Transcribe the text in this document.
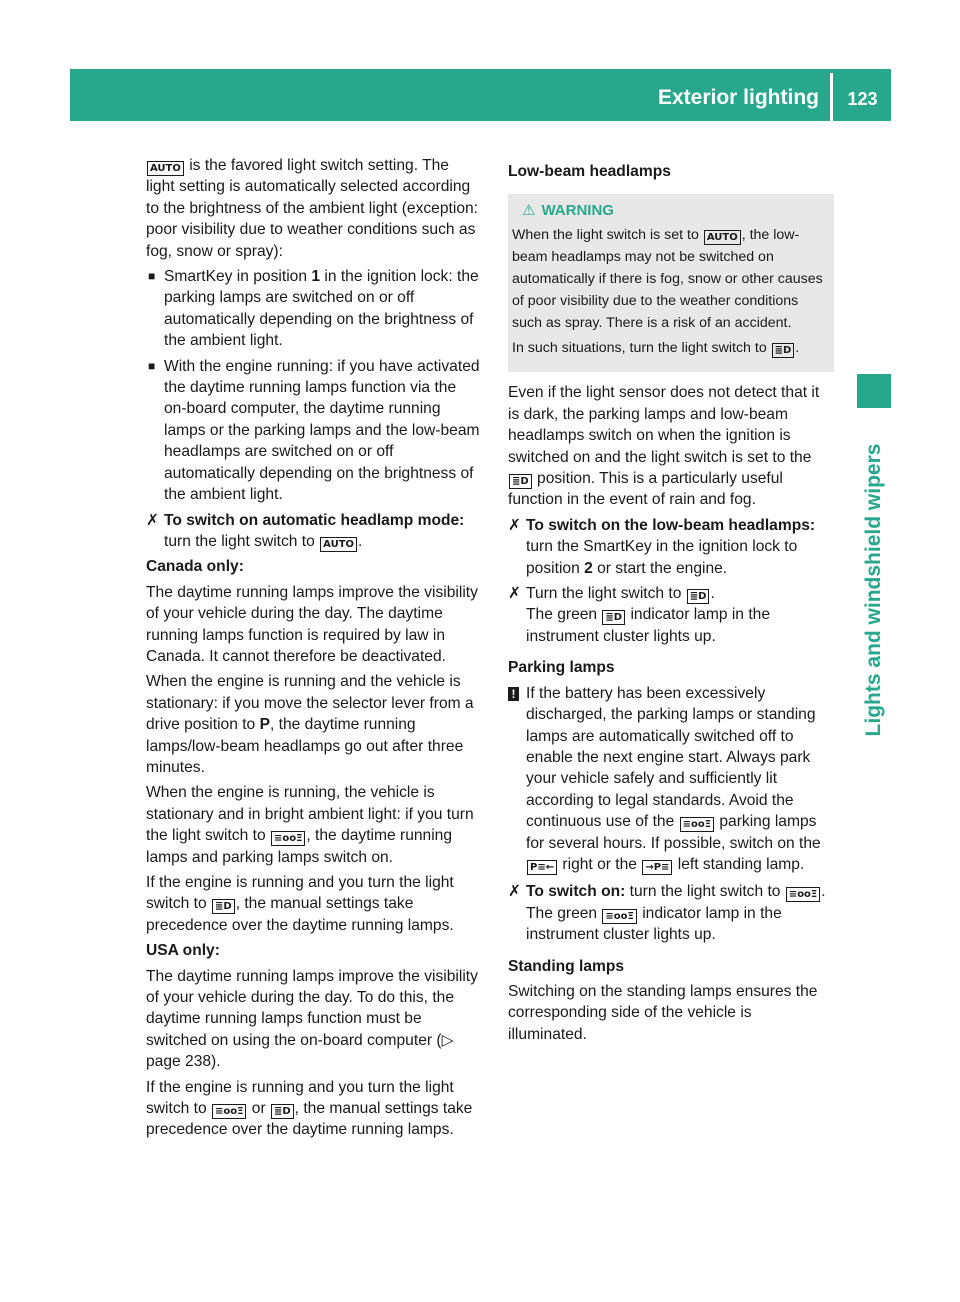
Exterior lighting	123
Lights and windshield wipers

AUTO is the favored light switch setting. The light setting is automatically selected according to the brightness of the ambient light (exception: poor visibility due to weather conditions such as fog, snow or spray):

■ SmartKey in position 1 in the ignition lock: the parking lamps are switched on or off automatically depending on the brightness of the ambient light.
■ With the engine running: if you have activated the daytime running lamps function via the on-board computer, the daytime running lamps or the parking lamps and the low-beam headlamps are switched on or off automatically depending on the brightness of the ambient light.
✗ To switch on automatic headlamp mode: turn the light switch to AUTO .

Canada only:

The daytime running lamps improve the visibility of your vehicle during the day. The daytime running lamps function is required by law in Canada. It cannot therefore be deactivated.

When the engine is running and the vehicle is stationary: if you move the selector lever from a drive position to P, the daytime running lamps/low-beam headlamps go out after three minutes.

When the engine is running, the vehicle is stationary and in bright ambient light: if you turn the light switch to ≡ooΞ , the daytime running lamps and parking lamps switch on.

If the engine is running and you turn the light switch to ≣D , the manual settings take precedence over the daytime running lamps.

USA only:

The daytime running lamps improve the visibility of your vehicle during the day. To do this, the daytime running lamps function must be switched on using the on-board computer (▷ page 238).

If the engine is running and you turn the light switch to ≡ooΞ or ≣D , the manual settings take precedence over the daytime running lamps.

Low-beam headlamps

⚠ WARNING

When the light switch is set to AUTO , the low-beam headlamps may not be switched on automatically if there is fog, snow or other causes of poor visibility due to the weather conditions such as spray. There is a risk of an accident.

In such situations, turn the light switch to ≣D .

Even if the light sensor does not detect that it is dark, the parking lamps and low-beam headlamps switch on when the ignition is switched on and the light switch is set to the ≣D position. This is a particularly useful function in the event of rain and fog.

✗ To switch on the low-beam headlamps: turn the SmartKey in the ignition lock to position 2 or start the engine.
✗ Turn the light switch to ≣D .
The green ≣D indicator lamp in the instrument cluster lights up.

Parking lamps

! If the battery has been excessively discharged, the parking lamps or standing lamps are automatically switched off to enable the next engine start. Always park your vehicle safely and sufficiently lit according to legal standards. Avoid the continuous use of the ≡ooΞ parking lamps for several hours. If possible, switch on the P≡← right or the →P≡ left standing lamp.
✗ To switch on: turn the light switch to ≡ooΞ .
The green ≡ooΞ indicator lamp in the instrument cluster lights up.

Standing lamps

Switching on the standing lamps ensures the corresponding side of the vehicle is illuminated.
